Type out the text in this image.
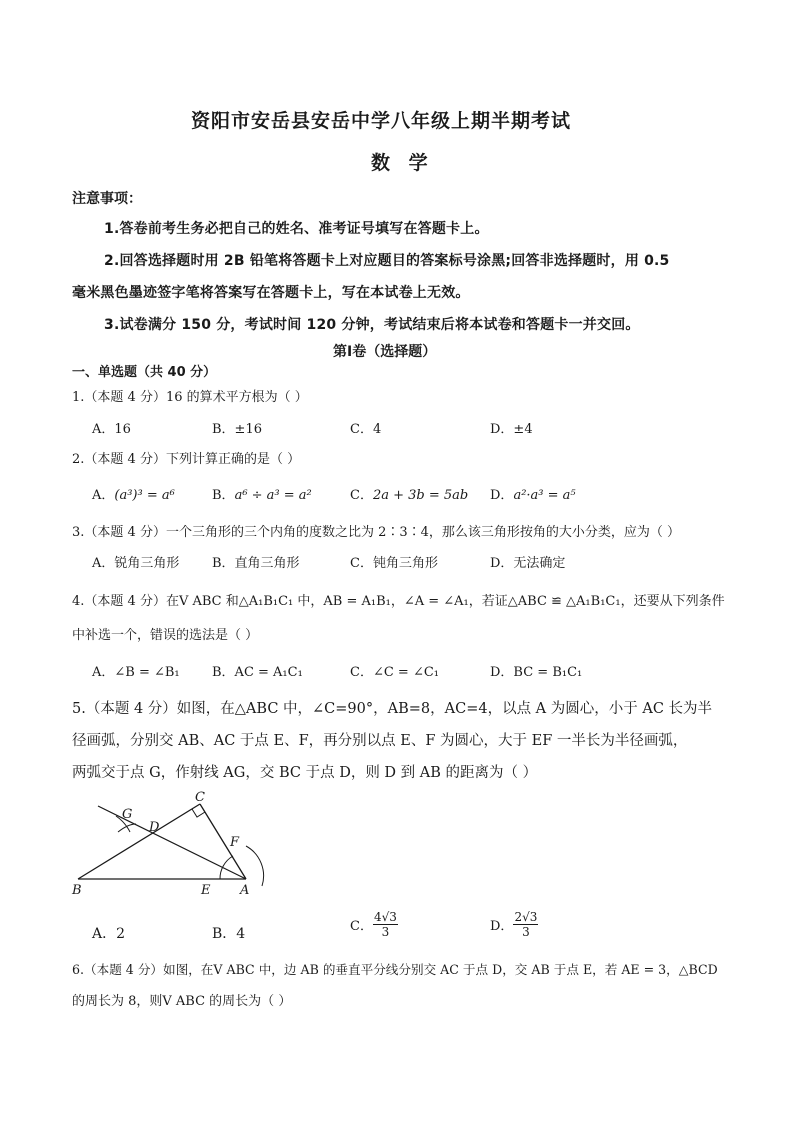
资阳市安岳县安岳中学八年级上期半期考试
数 学
注意事项：
1.答卷前考生务必把自己的姓名、准考证号填写在答题卡上。
2.回答选择题时用 2B 铅笔将答题卡上对应题目的答案标号涂黑;回答非选择题时，用 0.5
毫米黑色墨迹签字笔将答案写在答题卡上，写在本试卷上无效。
3.试卷满分 150 分，考试时间 120 分钟，考试结束后将本试卷和答题卡一并交回。
第Ⅰ卷（选择题）
一、单选题（共 40 分）
1.（本题 4 分）16 的算术平方根为（ ）
A．16	B．±16	C．4	D．±4
2.（本题 4 分）下列计算正确的是（ ）
A．(a³)³ = a⁶	B．a⁶ ÷ a³ = a²	C．2a + 3b = 5ab D．a²·a³ = a⁵
3.（本题 4 分）一个三角形的三个内角的度数之比为 2∶3∶4，那么该三角形按角的大小分类，应为（ ）
A．锐角三角形	B．直角三角形	C．钝角三角形	D．无法确定
4.（本题 4 分）在V ABC 和△A₁B₁C₁ 中，AB = A₁B₁，∠A = ∠A₁，若证△ABC ≌ △A₁B₁C₁，还要从下列条件
中补选一个，错误的选法是（ ）
A．∠B = ∠B₁ B．AC = A₁C₁	C．∠C = ∠C₁	D．BC = B₁C₁
5.（本题 4 分）如图，在△ABC 中，∠C=90°，AB=8，AC=4，以点 A 为圆心，小于 AC 长为半
径画弧，分别交 AB、AC 于点 E、F，再分别以点 E、F 为圆心，大于 EF 一半长为半径画弧，
两弧交于点 G，作射线 AG，交 BC 于点 D，则 D 到 AB 的距离为（ ）
G
C
D
F
B	E A
A．2	B．4	C． $\frac{4√3}{3}$	D． $\frac{2√3}{3}$
6.（本题 4 分）如图，在V ABC 中，边 AB 的垂直平分线分别交 AC 于点 D，交 AB 于点 E，若 AE = 3，△BCD
的周长为 8，则V ABC 的周长为（ ）
